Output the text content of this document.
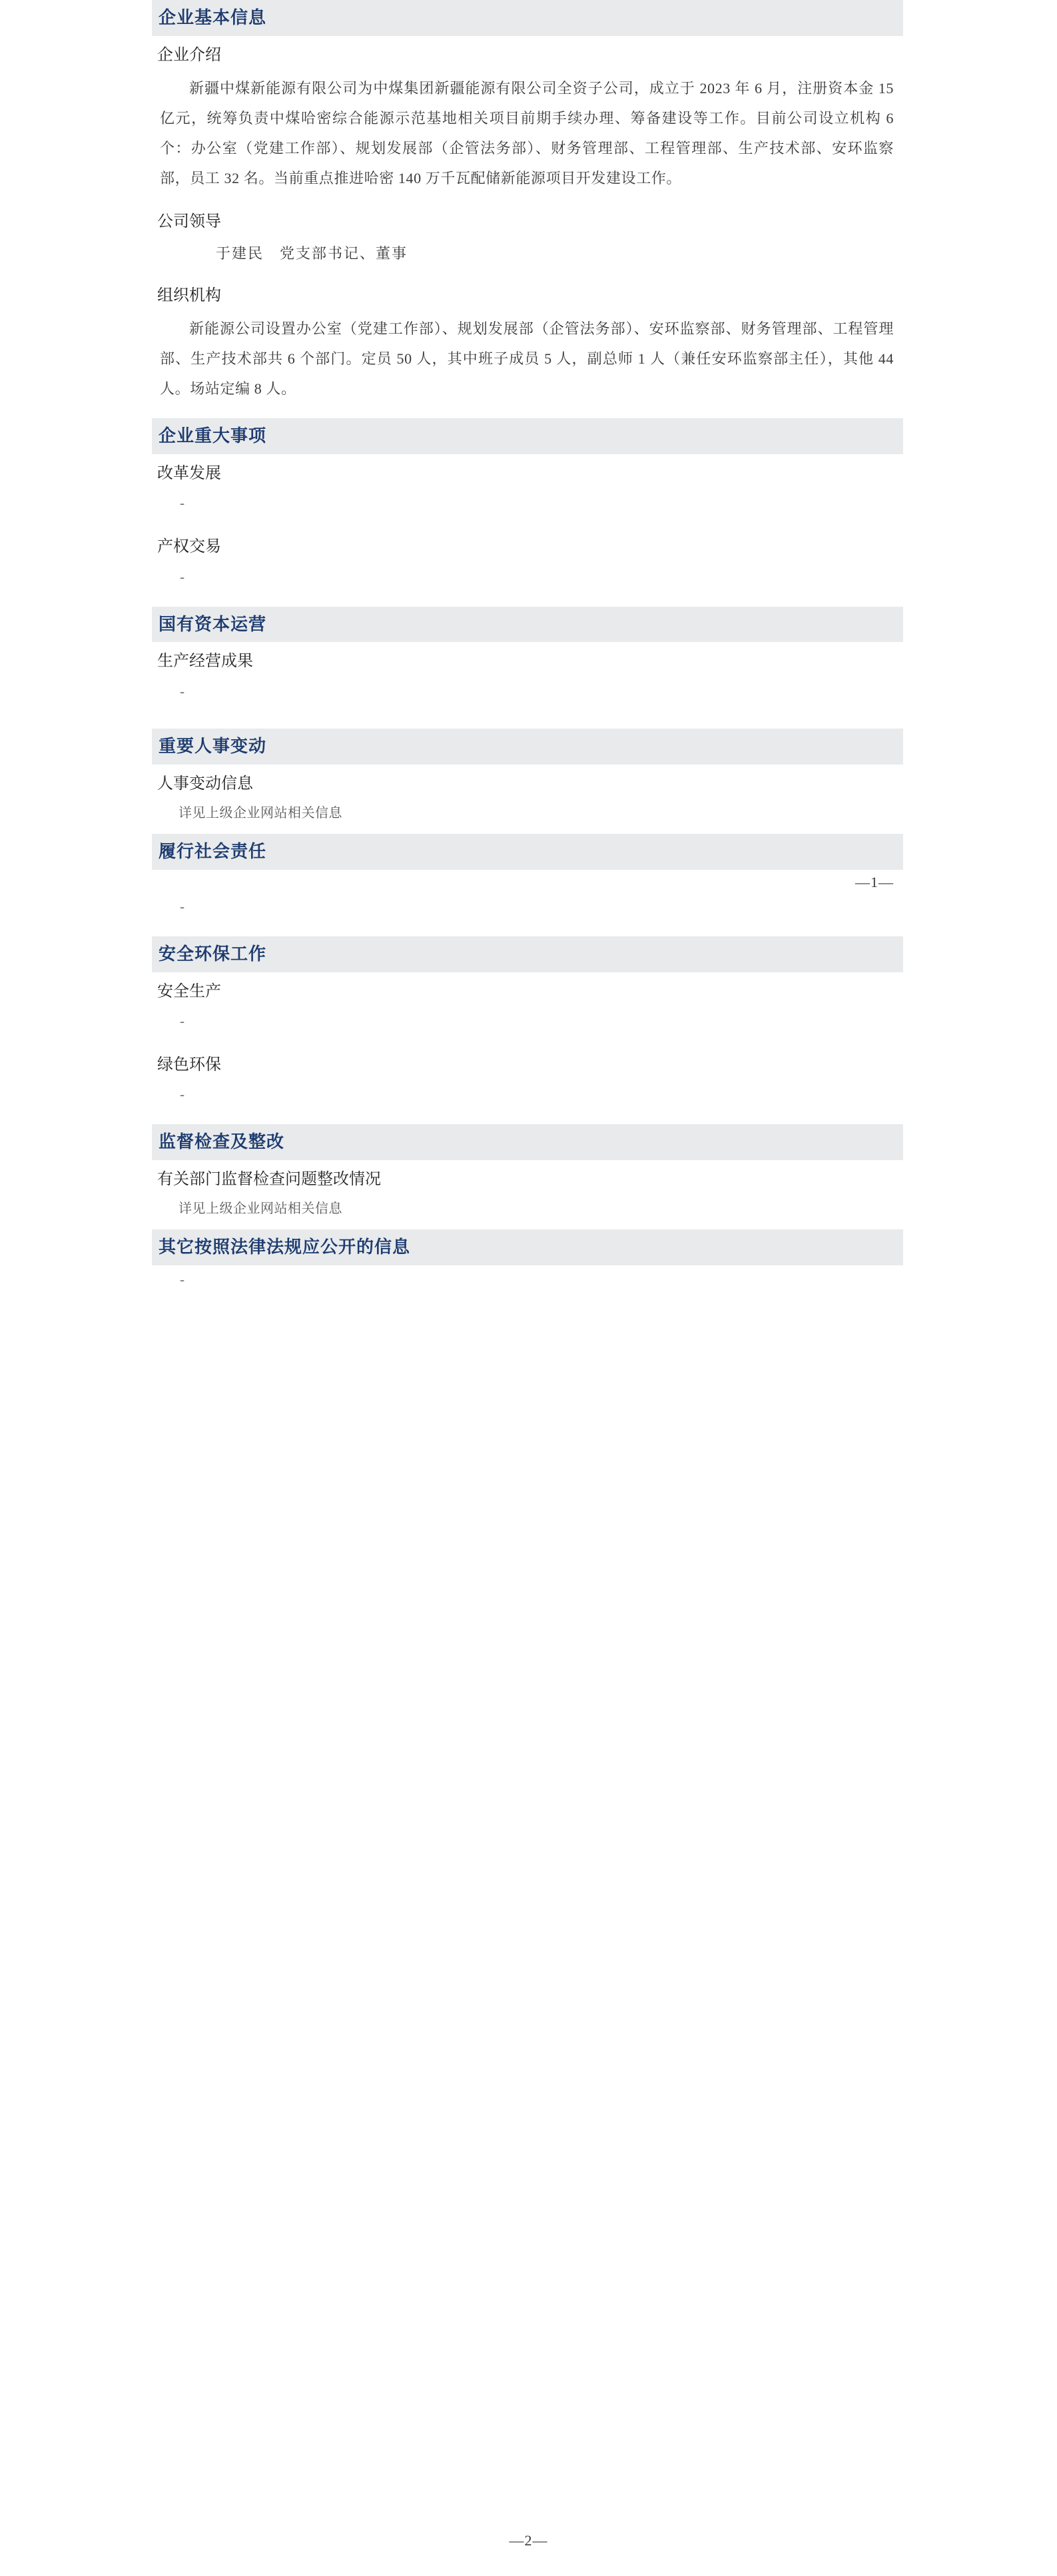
企业基本信息
企业介绍
新疆中煤新能源有限公司为中煤集团新疆能源有限公司全资子公司，成立于 2023 年 6 月，注册资本金 15 亿元，统筹负责中煤哈密综合能源示范基地相关项目前期手续办理、筹备建设等工作。目前公司设立机构 6 个：办公室（党建工作部）、规划发展部（企管法务部）、财务管理部、工程管理部、生产技术部、安环监察部，员工 32 名。当前重点推进哈密 140 万千瓦配储新能源项目开发建设工作。
公司领导
于建民　党支部书记、董事
组织机构
新能源公司设置办公室（党建工作部）、规划发展部（企管法务部）、安环监察部、财务管理部、工程管理部、生产技术部共 6 个部门。定员 50 人，其中班子成员 5 人，副总师 1 人（兼任安环监察部主任），其他 44 人。场站定编 8 人。
企业重大事项
改革发展
-
产权交易
-
国有资本运营
生产经营成果
-
重要人事变动
人事变动信息
详见上级企业网站相关信息
履行社会责任
—1—
-
安全环保工作
安全生产
-
绿色环保
-
监督检查及整改
有关部门监督检查问题整改情况
详见上级企业网站相关信息
其它按照法律法规应公开的信息
-
—2—
